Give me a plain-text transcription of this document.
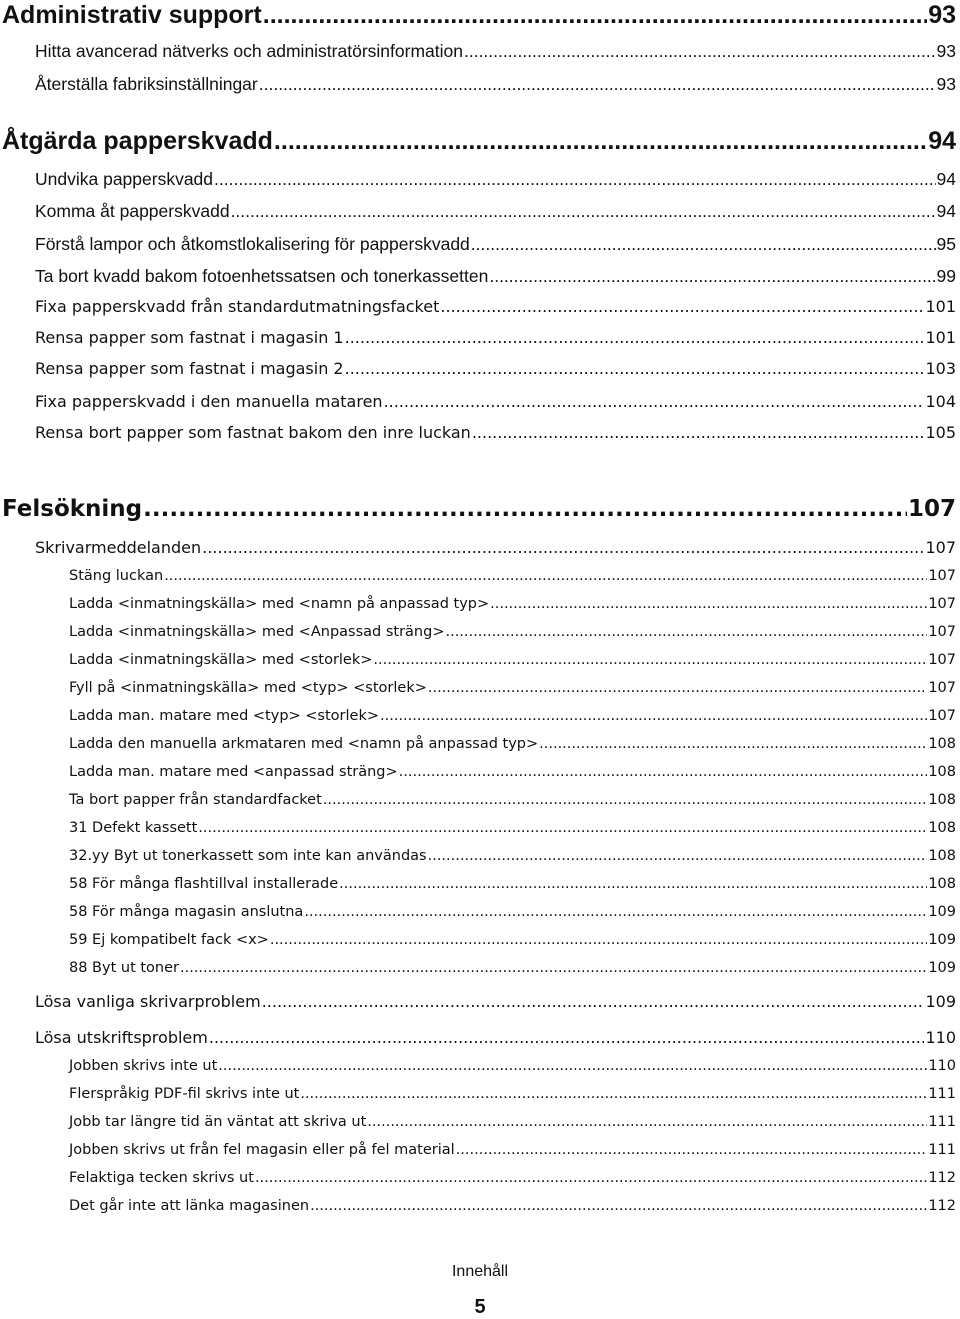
Administrativ support .....	93
Hitta avancerad nätverks och administratörsinformation .....	93
Återställa fabriksinställningar .....	93
Åtgärda papperskvadd .....	94
Undvika papperskvadd .....	94
Komma åt papperskvadd .....	94
Förstå lampor och åtkomstlokalisering för papperskvadd .....	95
Ta bort kvadd bakom fotoenhetssatsen och tonerkassetten .....	99
Fixa papperskvadd från standardutmatningsfacket .....	101
Rensa papper som fastnat i magasin 1 .....	101
Rensa papper som fastnat i magasin 2 .....	103
Fixa papperskvadd i den manuella mataren .....	104
Rensa bort papper som fastnat bakom den inre luckan .....	105
Felsökning .....	107
Skrivarmeddelanden .....	107
Stäng luckan .....	107
Ladda <inmatningskälla> med <namn på anpassad typ> .....	107
Ladda <inmatningskälla> med <Anpassad sträng> .....	107
Ladda <inmatningskälla> med <storlek> .....	107
Fyll på <inmatningskälla> med <typ> <storlek> .....	107
Ladda man. matare med <typ> <storlek> .....	107
Ladda den manuella arkmataren med <namn på anpassad typ> .....	108
Ladda man. matare med <anpassad sträng> .....	108
Ta bort papper från standardfacket .....	108
31 Defekt kassett .....	108
32.yy Byt ut tonerkassett som inte kan användas .....	108
58 För många flashtillval installerade .....	108
58 För många magasin anslutna .....	109
59 Ej kompatibelt fack <x> .....	109
88 Byt ut toner .....	109
Lösa vanliga skrivarproblem .....	109
Lösa utskriftsproblem .....	110
Jobben skrivs inte ut .....	110
Flerspråkig PDF-fil skrivs inte ut .....	111
Jobb tar längre tid än väntat att skriva ut .....	111
Jobben skrivs ut från fel magasin eller på fel material .....	111
Felaktiga tecken skrivs ut .....	112
Det går inte att länka magasinen .....	112
Innehåll
5
